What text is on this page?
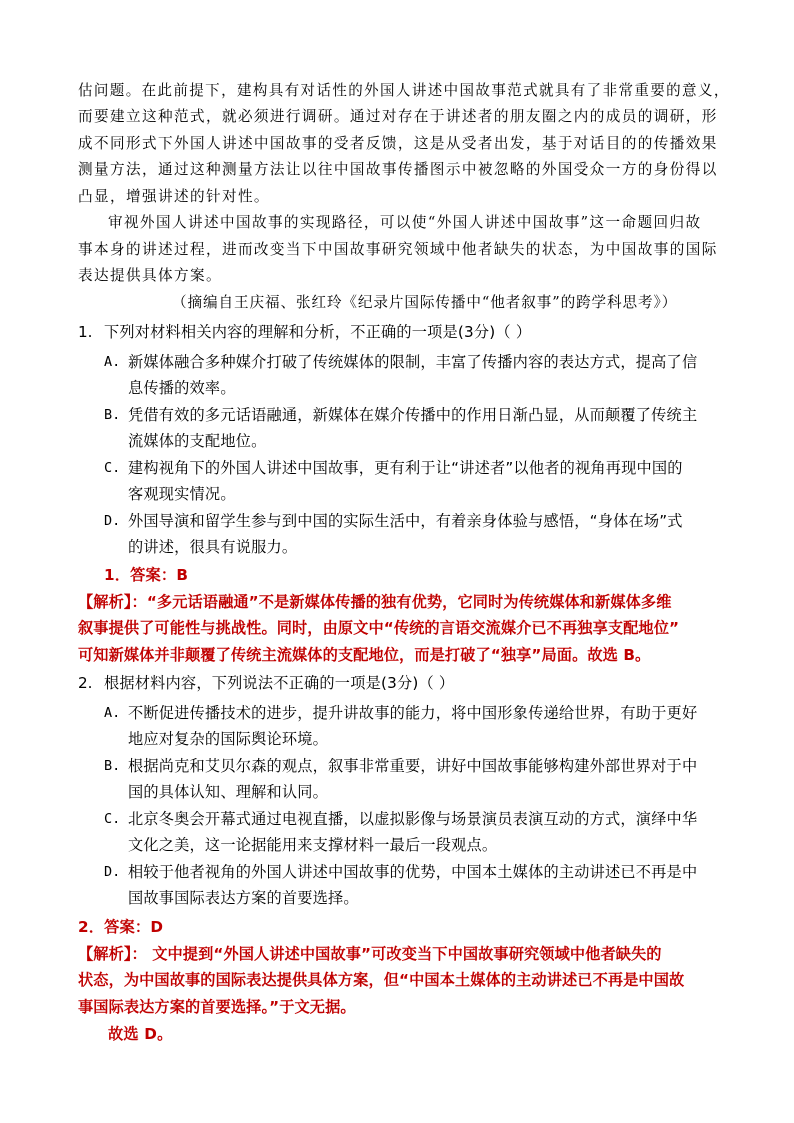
估问题。在此前提下，建构具有对话性的外国人讲述中国故事范式就具有了非常重要的意义，
而要建立这种范式，就必须进行调研。通过对存在于讲述者的朋友圈之内的成员的调研，形
成不同形式下外国人讲述中国故事的受者反馈，这是从受者出发，基于对话目的的传播效果
测量方法，通过这种测量方法让以往中国故事传播图示中被忽略的外国受众一方的身份得以
凸显，增强讲述的针对性。
审视外国人讲述中国故事的实现路径，可以使“外国人讲述中国故事”这一命题回归故
事本身的讲述过程，进而改变当下中国故事研究领域中他者缺失的状态，为中国故事的国际
表达提供具体方案。
（摘编自王庆福、张红玲《纪录片国际传播中“他者叙事”的跨学科思考》）
1. 下列对材料相关内容的理解和分析，不正确的一项是(3分)（ ）
A. 新媒体融合多种媒介打破了传统媒体的限制，丰富了传播内容的表达方式，提高了信
息传播的效率。
B. 凭借有效的多元话语融通，新媒体在媒介传播中的作用日渐凸显，从而颠覆了传统主
流媒体的支配地位。
C. 建构视角下的外国人讲述中国故事，更有利于让“讲述者”以他者的视角再现中国的
客观现实情况。
D. 外国导演和留学生参与到中国的实际生活中，有着亲身体验与感悟，“身体在场”式
的讲述，很具有说服力。
1．答案：B
【解析】：“多元话语融通”不是新媒体传播的独有优势，它同时为传统媒体和新媒体多维
叙事提供了可能性与挑战性。同时，由原文中“传统的言语交流媒介已不再独享支配地位”
可知新媒体并非颠覆了传统主流媒体的支配地位，而是打破了“独享”局面。故选 B。
2. 根据材料内容，下列说法不正确的一项是(3分)（ ）
A. 不断促进传播技术的进步，提升讲故事的能力，将中国形象传递给世界，有助于更好
地应对复杂的国际舆论环境。
B. 根据尚克和艾贝尔森的观点，叙事非常重要，讲好中国故事能够构建外部世界对于中
国的具体认知、理解和认同。
C. 北京冬奥会开幕式通过电视直播，以虚拟影像与场景演员表演互动的方式，演绎中华
文化之美，这一论据能用来支撑材料一最后一段观点。
D. 相较于他者视角的外国人讲述中国故事的优势，中国本土媒体的主动讲述已不再是中
国故事国际表达方案的首要选择。
2．答案：D
【解析】： 文中提到“外国人讲述中国故事”可改变当下中国故事研究领域中他者缺失的
状态，为中国故事的国际表达提供具体方案，但“中国本土媒体的主动讲述已不再是中国故
事国际表达方案的首要选择。”于文无据。
故选 D。
